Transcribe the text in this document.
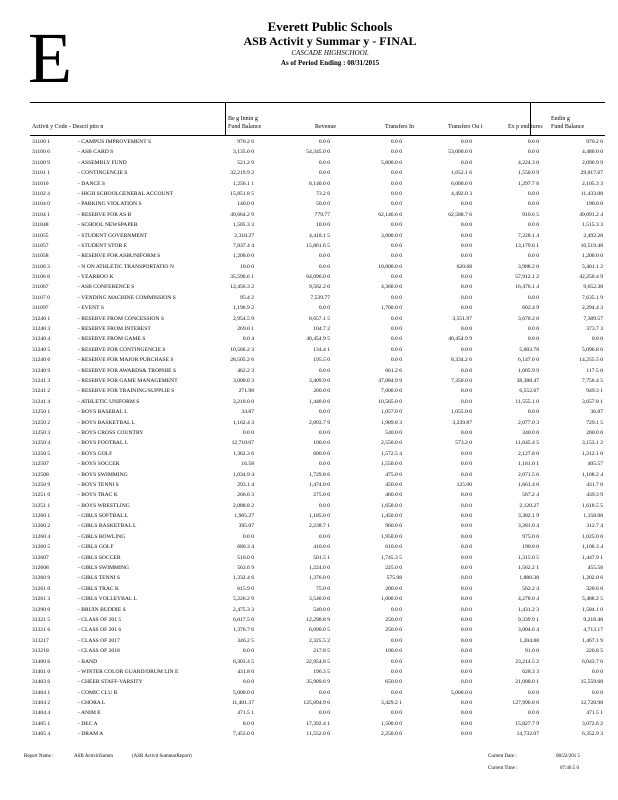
E	Everett Public Schools
ASB Activit y Summar y - FINAL
CASCADE HIGHSCHOOL
As of Period Ending : 08/31/2015
Activit y Code - Descri ptio n
Be g Innin g
Fund Balance	Revenue	Transfers In	Transfers Ou t	Ex p enditures
Endin g
Fund Balance
31100 1	- CAMPUS IMPROVEMENT S	970.2 6	0.0 0	0.0 0	0.0 0	0.0 0	970.2 6
31100 6	- ASB CARD S	3,135.0 0	54,345.0 0	0.0 0	53,000.0 0	0.0 0	4,480.0 0
31100 9	- ASSEMBLY FUND	521.2 9	0.0 0	5,800.0 0	0.0 0	4,224.3 0	2,096.9 9
31101 1	- CONTINGENCIE S	32,219.9 2	0.0 0	0.0 0	1,652.1 6	1,550.0 9	29,017.67
311010	- DANCE S	1,256.1 1	8,140.0 0	0.0 0	6,000.0 0	1,297.7 8	2,105.3 3
31102 4	- HIGH SCHOOLGENERAL ACCOUNT	15,851.8 5	73.2 6	0.0 0	4,492.0 3	0.0 0	11,433.08
31104 0	- PARKING VIOLATION S	140.0 0	50.0 0	0.0 0	0.0 0	0.0 0	190.0 0
31104 1	- RESERVE FOR AS B	49,664.2 9	779.77	62,146.6 0	62,588.7 6	910.6 5	49,091.2 4
311048	- SCHOOL NEWSPAPER	1,505.3 3	10.0 0	0.0 0	0.0 0	0.0 0	1,515.3 3
311055	- STUDENT GOVERNMENT	2,310.27	4,410.1 5	3,000.0 0	0.0 0	7,228.1 4	2,492.28
311057	- STUDENT STOR E	7,837.4 4	15,861.6 5	0.0 0	0.0 0	13,179.6 1	10,519.48
311058	- RESERVE FOR ASBUNIFORM S	1,200.0 0	0.0 0	0.0 0	0.0 0	0.0 0	1,200.0 0
31106 3	- N ON ATHLETIC TRANSPORTATIO N	10.0 0	0.0 0	10,000.0 0	620.68	3,988.2 0	5,401.1 2
31106 8	- YEARBOO K	35,596.6 1	64,096.0 0	0.0 0	0.0 0	57,912.1 2	42,250.4 9
311067	- ASB CONFERENCE S	12,456.3 2	9,562.2 0	4,360.0 0	0.0 0	16,476.1 4	9,652.38
31107 0	- VENDING MACHINE COMMISSION S	95.4 2	7,539.77	0.0 0	0.0 0	0.0 0	7,635.1 9
311097	- EVENT S	1,196.9 2	0.0 0	1,700.0 0	0.0 0	602.4 9	2,294.4 3
31240 1	- RESERVE FROM CONCESSION S	2,954.5 9	8,657.1 5	0.0 0	3,551.97	3,670.2 0	7,389.57
31240 3	- RESERVE FROM INTEREST	269.0 1	104.7 2	0.0 0	0.0 0	0.0 0	373.7 3
31240 4	- RESERVE FROM GAME S	0.0 4	40,454.9 5	0.0 0	40,454.9 9	0.0 0	0.0 0
31240 5	- RESERVE FOR CONTINGENCIE S	10,566.2 3	134.4 1	0.0 0	0.0 0	5,603.78	5,096.8 6
31240 6	- RESERVE FOR MAJOR PURCHASE S	28,505.2 6	195.5 0	0.0 0	8,334.2 6	6,147.0 0	14,255.5 0
31240 9	- RESERVE FOR AWARDS& TROPHIE S	462.2 3	0.0 0	661.2 6	0.0 0	1,005.9 9	117.5 0
31241 3	- RESERVE FOR GAME MANAGEMENT	3,000.0 3	3,409.9 0	47,084.9 9	7,350.0 0	38,388.47	7,756.4 5
31241 2	- RESERVE FOR TRAINING/SUPPLIE S	271.98	200.0 0	7,000.0 0	0.0 0	6,552.67	949.3 1
31241 4	- ATHLETIC UNIFORM S	3,210.0 0	1,440.0 6	10,565.0 0	0.0 0	11,555.1 0	3,657.8 1
31250 1	- BOYS BASEBAL L	34.87	0.0 0	1,057.0 0	1,055.0 0	0.0 0	36.87
31250 2	- BOYS BASKETBAL L	1,162.4 3	2,893.7 9	1,989.8 3	3,239.87	2,077.0 3	729.1 5
31250 3	- BOYS CROSS COUNTRY	0.0 0	0.0 0	540.0 0	0.0 0	340.0 0	200.0 0
31250 4	- BOYS FOOTBAL L	12,710.07	100.0 0	2,550.0 0	573.2 0	11,645.4 5	3,153.1 2
31250 5	- BOYS GOLF	1,362.3 6	600.0 0	1,572.5 4	0.0 0	2,127.8 0	1,212.1 0
312507	- BOYS SOCCER	16.58	0.0 0	1,550.0 0	0.0 0	1,161.0 1	405.57
312508	- BOYS SWIMMING	1,034.9 4	1,729.8 6	475.0 0	0.0 0	2,071.5 6	1,168.2 4
31250 9	- BOYS TENNI S	293.1 4	1,474.0 0	450.0 0	125.00	1,661.4 6	431.7 0
31251 0	- BOYS TRAC K	266.6 3	275.0 0	460.0 0	0.0 0	567.2 4	439.3 9
31251 1	- BOYS WRESTLING	2,088.8 2	0.0 0	1,650.0 0	0.0 0	2,120.27	1,618.5 5
31260 1	- GIRLS SOFTBAL L	1,905.27	1,185.0 0	1,450.0 0	0.0 0	3,382.1 9	1,158.08
31260 2	- GIRLS BASKETBAL L	395.07	2,238.7 1	960.0 0	0.0 0	3,281.0 4	312.7 4
31260 4	- GIRLS BOWLING	0.0 0	0.0 0	1,950.0 0	0.0 0	975.0 0	1,025.0 0
31260 5	- GIRLS GOLF	680.3 4	410.0 0	610.0 0	0.0 0	190.0 0	1,100.3 4
312607	- GIRLS SOCCER	516.0 0	501.5 1	1,745.3 5	0.0 0	1,315.0 5	1,447.9 1
312608	- GIRLS SWIMMING	562.6 9	1,224.0 0	225.0 0	0.0 0	1,562.2 1	455.58
31260 9	- GIRLS TENNI S	1,332.4 6	1,376.0 0	575.98	0.0 0	1,880.38	1,202.0 6
31261 0	- GIRLS TRAC K	615.9 0	75.0 0	200.0 0	0.0 0	562.2 4	328.6 6
31261 3	- GIRLS VOLLEYBAL L	5,226.2 9	3,540.0 0	1,000.0 0	0.0 0	4,278.0 4	5,488.2 5
31290 0	- BRUIN BUDDIE S	2,475.3 3	540.0 0	0.0 0	0.0 0	1,431.2 3	1,584.1 0
31321 5	- CLASS OF 201 5	6,017.5 0	12,290.8 9	250.0 0	0.0 0	9,339.9 1	9,218.48
31321 6	- CLASS OF 201 6	1,376.7 6	6,090.0 5	250.0 0	0.0 0	3,004.6 4	4,713.17
313217	- CLASS OF 2017	346.2 5	2,325.5 2	0.0 0	0.0 0	1,204.88	1,467.1 9
313218	- CLASS OF 2018	0.0 0	217.8 5	100.0 0	0.0 0	91.0 0	226.8 5
31400 6	- BAND	6,303.4 5	22,954.8 5	0.0 0	0.0 0	23,214.5 2	6,043.7 6
31401 0	- WINTER COLOR GUARD/DRUM LIN E	431.8 0	196.3 5	0.0 0	0.0 0	628.3 3	0.0 0
31403 6	- CHEER STAFF-VARSITY	0.0 0	35,909.6 9	650.0 0	0.0 0	21,000.0 1	15,559.68
31404 1	- COMIC CLU B	5,000.0 0	0.0 0	0.0 0	5,000.0 0	0.0 0	0.0 0
31404 2	- CHORA L	11,401.37	125,894.9 6	3,429.2 1	0.0 0	127,996.8 6	12,728.98
31404 4	- ANIM E	471.5 1	0.0 0	0.0 0	0.0 0	0.0 0	471.5 1
31405 1	- DEC A	8.0 0	17,392.4 1	1,500.0 0	0.0 0	15,827.7 9	3,072.6 2
31405 4	- DRAM A	7,453.0 0	11,552.0 0	2,250.0 0	0.0 0	14,732.07	6,352.9 3
Report Name :	ASB ActivitiSumm	(ASB Activit SummarReport)	Current Date :	08/22/201 5
Current Time :	07:46:5 0
